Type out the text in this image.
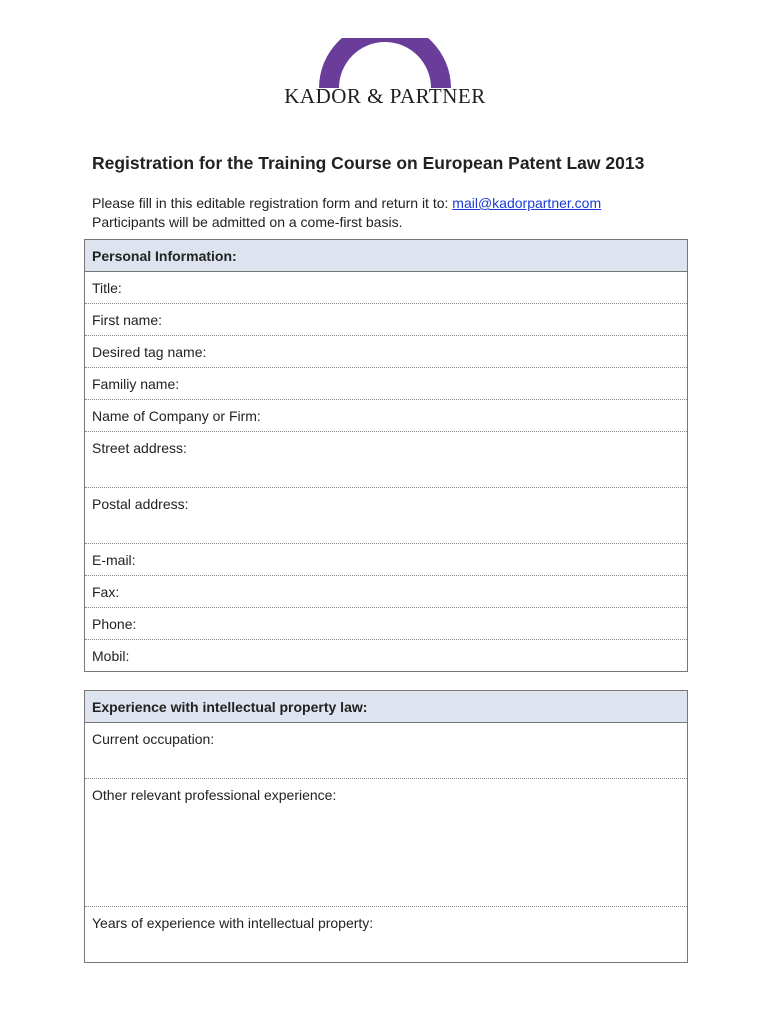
KADOR & PARTNER
Registration for the Training Course on European Patent Law 2013
Please fill in this editable registration form and return it to: mail@kadorpartner.com
Participants will be admitted on a come-first basis.
Personal Information:

Title:

First name:

Desired tag name:

Familiy name:

Name of Company or Firm:

Street address:

Postal address:

E-mail:

Fax:

Phone:

Mobil:
Experience with intellectual property law:

Current occupation:

Other relevant professional experience:

Years of experience with intellectual property:
